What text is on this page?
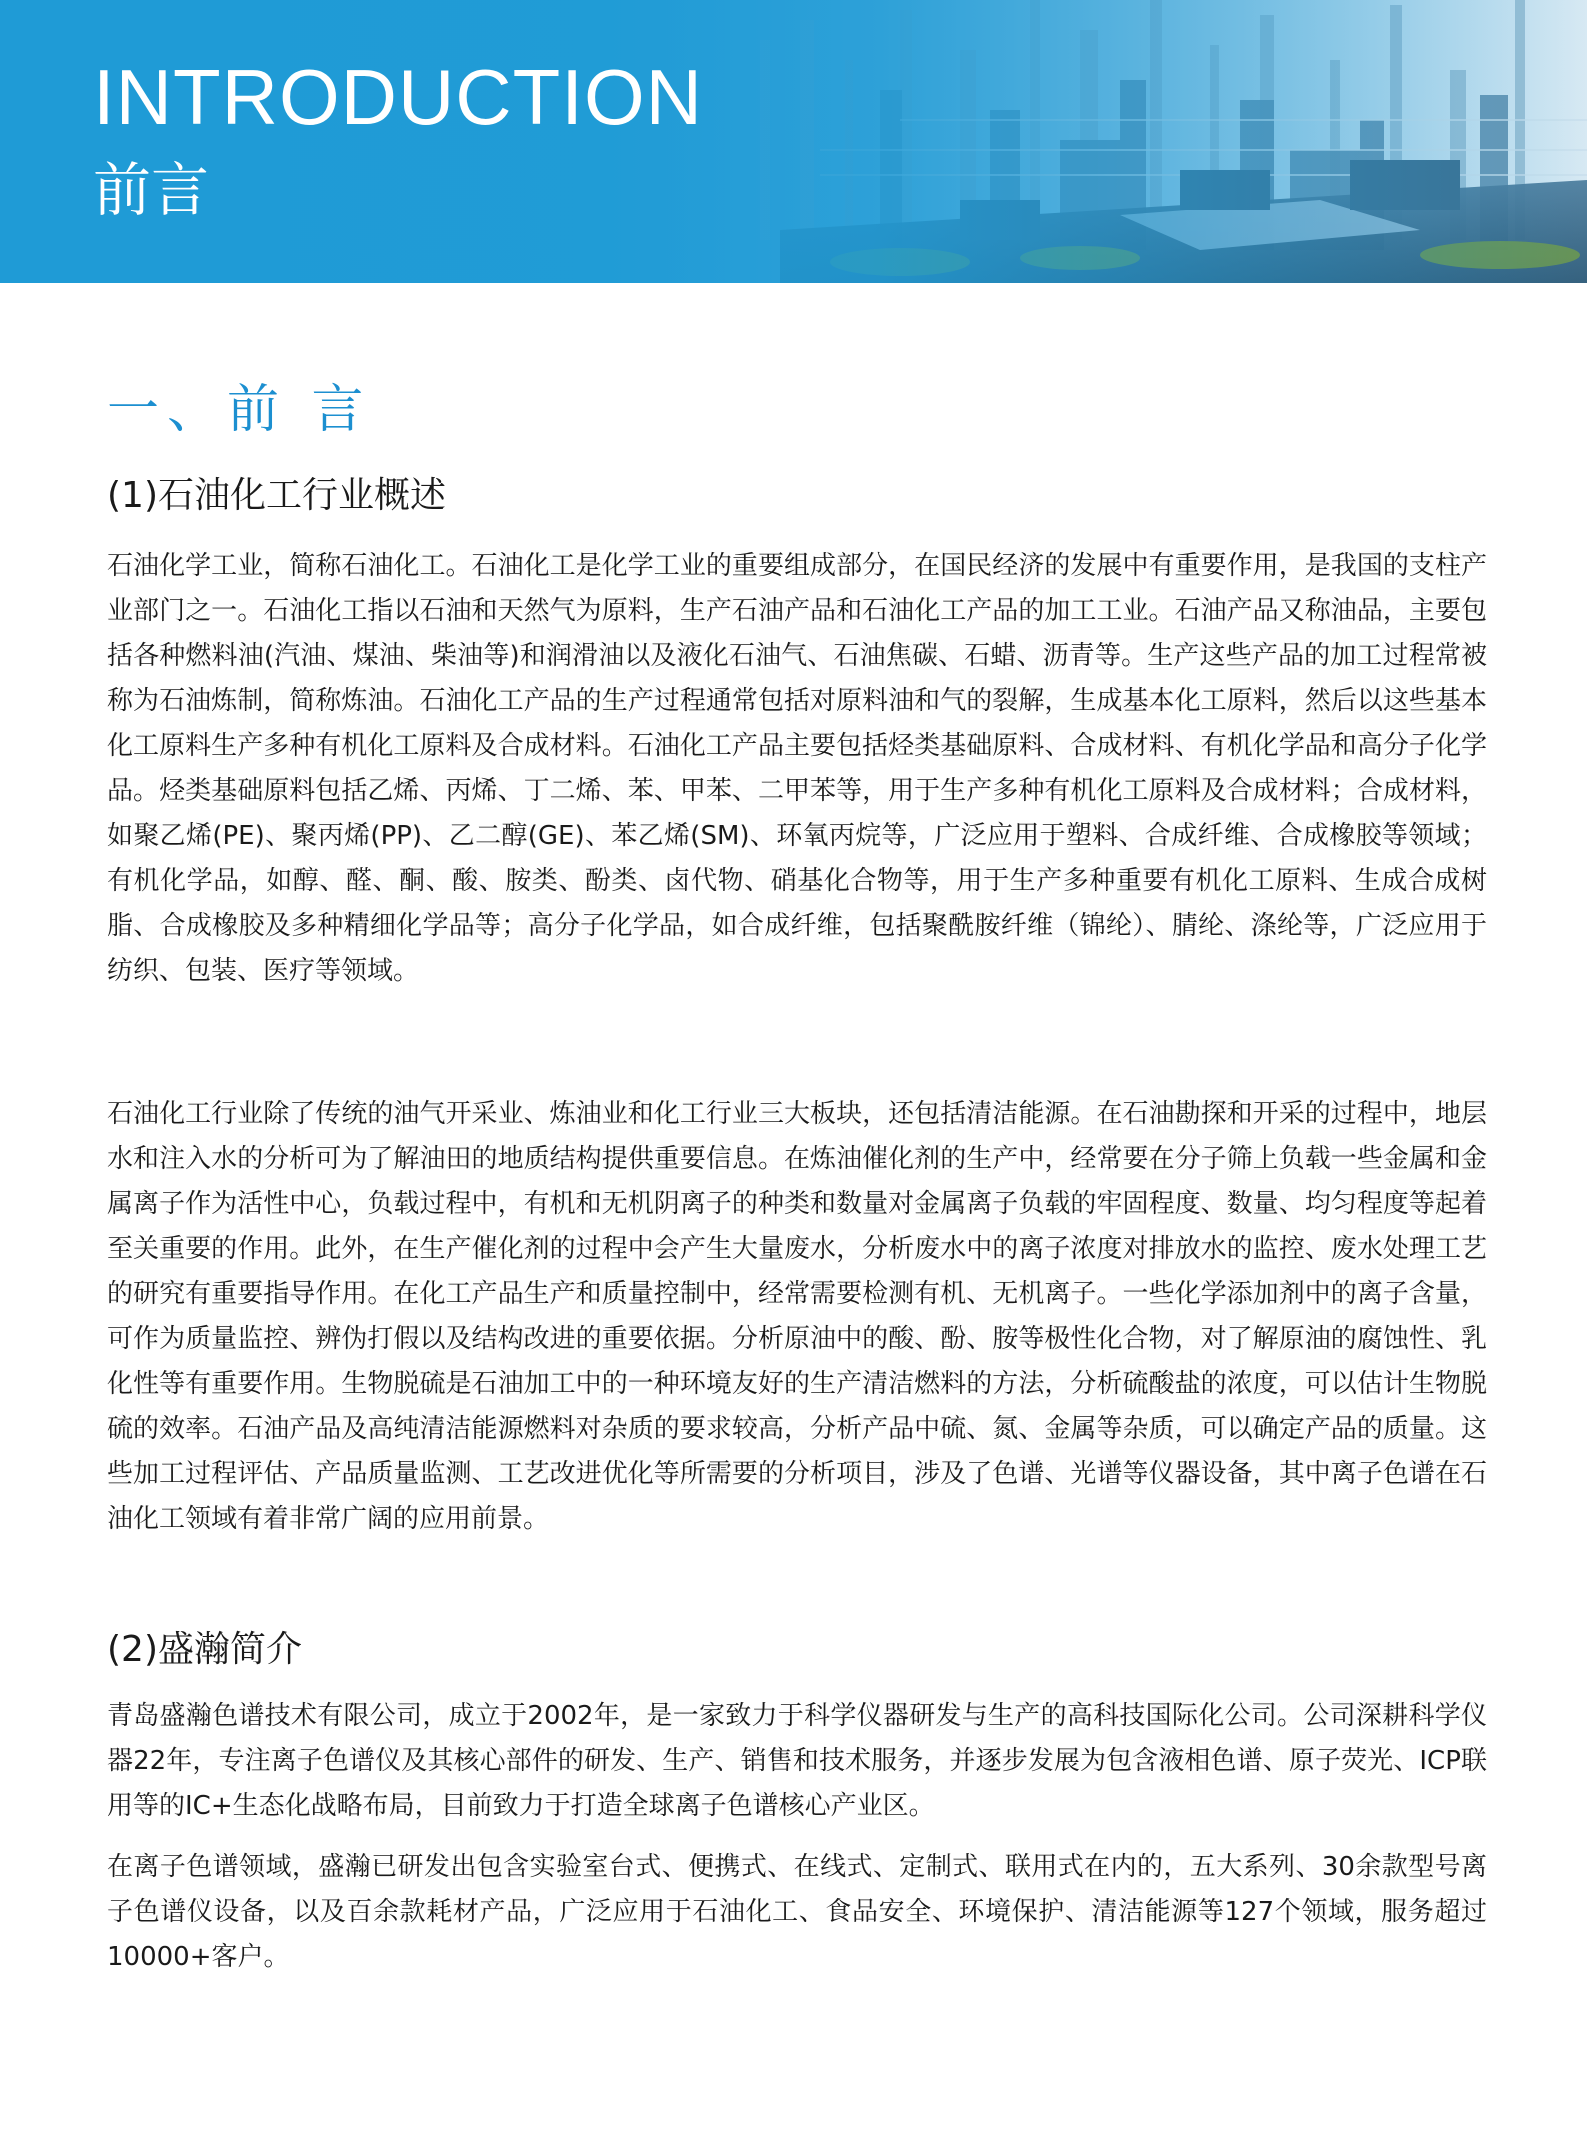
INTRODUCTION
前言
一、前 言
(1)石油化工行业概述

石油化学工业，简称石油化工。石油化工是化学工业的重要组成部分，在国民经济的发展中有重要作用，是我国的支柱产业部门之一。石油化工指以石油和天然气为原料，生产石油产品和石油化工产品的加工工业。石油产品又称油品，主要包括各种燃料油(汽油、煤油、柴油等)和润滑油以及液化石油气、石油焦碳、石蜡、沥青等。生产这些产品的加工过程常被称为石油炼制，简称炼油。石油化工产品的生产过程通常包括对原料油和气的裂解，生成基本化工原料，然后以这些基本化工原料生产多种有机化工原料及合成材料。石油化工产品主要包括烃类基础原料、合成材料、有机化学品和高分子化学品。烃类基础原料包括乙烯、丙烯、丁二烯、苯、甲苯、二甲苯等，用于生产多种有机化工原料及合成材料；合成材料，如聚乙烯(PE)、聚丙烯(PP)、乙二醇(GE)、苯乙烯(SM)、环氧丙烷等，广泛应用于塑料、合成纤维、合成橡胶等领域；有机化学品，如醇、醛、酮、酸、胺类、酚类、卤代物、硝基化合物等，用于生产多种重要有机化工原料、生成合成树脂、合成橡胶及多种精细化学品等；高分子化学品，如合成纤维，包括聚酰胺纤维（锦纶）、腈纶、涤纶等，广泛应用于纺织、包装、医疗等领域。

石油化工行业除了传统的油气开采业、炼油业和化工行业三大板块，还包括清洁能源。在石油勘探和开采的过程中，地层水和注入水的分析可为了解油田的地质结构提供重要信息。在炼油催化剂的生产中，经常要在分子筛上负载一些金属和金属离子作为活性中心，负载过程中，有机和无机阴离子的种类和数量对金属离子负载的牢固程度、数量、均匀程度等起着至关重要的作用。此外，在生产催化剂的过程中会产生大量废水，分析废水中的离子浓度对排放水的监控、废水处理工艺的研究有重要指导作用。在化工产品生产和质量控制中，经常需要检测有机、无机离子。一些化学添加剂中的离子含量，可作为质量监控、辨伪打假以及结构改进的重要依据。分析原油中的酸、酚、胺等极性化合物，对了解原油的腐蚀性、乳化性等有重要作用。生物脱硫是石油加工中的一种环境友好的生产清洁燃料的方法，分析硫酸盐的浓度，可以估计生物脱硫的效率。石油产品及高纯清洁能源燃料对杂质的要求较高，分析产品中硫、氮、金属等杂质，可以确定产品的质量。这些加工过程评估、产品质量监测、工艺改进优化等所需要的分析项目，涉及了色谱、光谱等仪器设备，其中离子色谱在石油化工领域有着非常广阔的应用前景。

(2)盛瀚简介

青岛盛瀚色谱技术有限公司，成立于2002年，是一家致力于科学仪器研发与生产的高科技国际化公司。公司深耕科学仪器22年，专注离子色谱仪及其核心部件的研发、生产、销售和技术服务，并逐步发展为包含液相色谱、原子荧光、ICP联用等的IC+生态化战略布局，目前致力于打造全球离子色谱核心产业区。

在离子色谱领域，盛瀚已研发出包含实验室台式、便携式、在线式、定制式、联用式在内的，五大系列、30余款型号离子色谱仪设备，以及百余款耗材产品，广泛应用于石油化工、食品安全、环境保护、清洁能源等127个领域，服务超过10000+客户。
